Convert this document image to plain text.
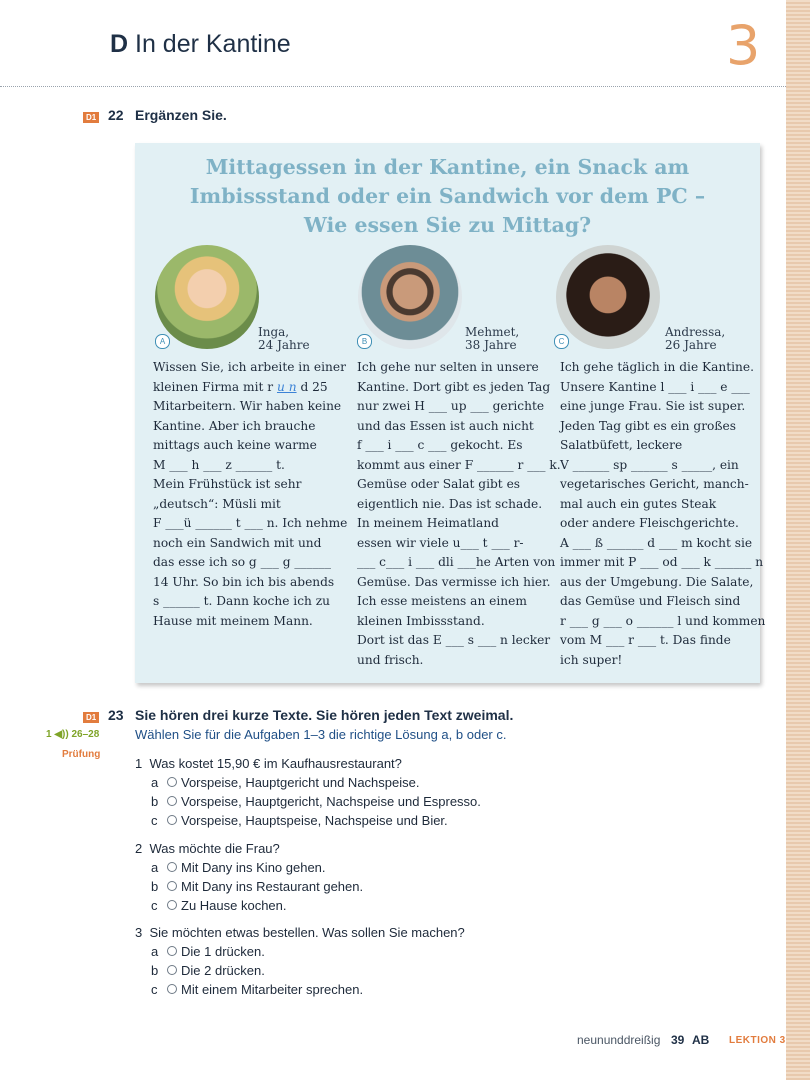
D In der Kantine	3
D1 22 Ergänzen Sie.
Mittagessen in der Kantine, ein Snack am
Imbissstand oder ein Sandwich vor dem PC –
Wie essen Sie zu Mittag?
A
Inga,
24 Jahre	B
Mehmet,
38 Jahre	C
Andressa,
26 Jahre

Wissen Sie, ich arbeite in einer

kleinen Firma mit r u n d 25

Mitarbeitern. Wir haben keine

Kantine. Aber ich brauche

mittags auch keine warme

M ___ h ___ z ______ t.

Mein Frühstück ist sehr

„deutsch“: Müsli mit

F ___ü ______ t ___ n. Ich nehme

noch ein Sandwich mit und

das esse ich so g ___ g ______

14 Uhr. So bin ich bis abends

s ______ t. Dann koche ich zu

Hause mit meinem Mann.

Ich gehe nur selten in unsere

Kantine. Dort gibt es jeden Tag

nur zwei H ___ up ___ gerichte

und das Essen ist auch nicht

f ___ i ___ c ___ gekocht. Es

kommt aus einer F ______ r ___ k.

Gemüse oder Salat gibt es

eigentlich nie. Das ist schade.

In meinem Heimatland

essen wir viele u___ t ___ r-

___ c___ i ___ dli ___he Arten von

Gemüse. Das vermisse ich hier.

Ich esse meistens an einem

kleinen Imbissstand.

Dort ist das E ___ s ___ n lecker

und frisch.

Ich gehe täglich in die Kantine.

Unsere Kantine l ___ i ___ e ___

eine junge Frau. Sie ist super.

Jeden Tag gibt es ein großes

Salatbüfett, leckere

V ______ sp ______ s _____, ein

vegetarisches Gericht, manch-

mal auch ein gutes Steak

oder andere Fleischgerichte.

A ___ ß ______ d ___ m kocht sie

immer mit P ___ od ___ k ______ n

aus der Umgebung. Die Salate,

das Gemüse und Fleisch sind

r ___ g ___ o ______ l und kommen

vom M ___ r ___ t. Das finde

ich super!

D1 23 Sie hören drei kurze Texte. Sie hören jeden Text zweimal.
Wählen Sie für die Aufgaben 1–3 die richtige Lösung a, b oder c.
1 ◀)) 26–28
Prüfung
1 Was kostet 15,90 € im Kaufhausrestaurant?
a Vorspeise, Hauptgericht und Nachspeise.
b Vorspeise, Hauptgericht, Nachspeise und Espresso.
c Vorspeise, Hauptspeise, Nachspeise und Bier.
2 Was möchte die Frau?
a Mit Dany ins Kino gehen.
b Mit Dany ins Restaurant gehen.
c Zu Hause kochen.
3 Sie möchten etwas bestellen. Was sollen Sie machen?
a Die 1 drücken.
b Die 2 drücken.
c Mit einem Mitarbeiter sprechen.
neununddreißig 39 AB LEKTION 3
